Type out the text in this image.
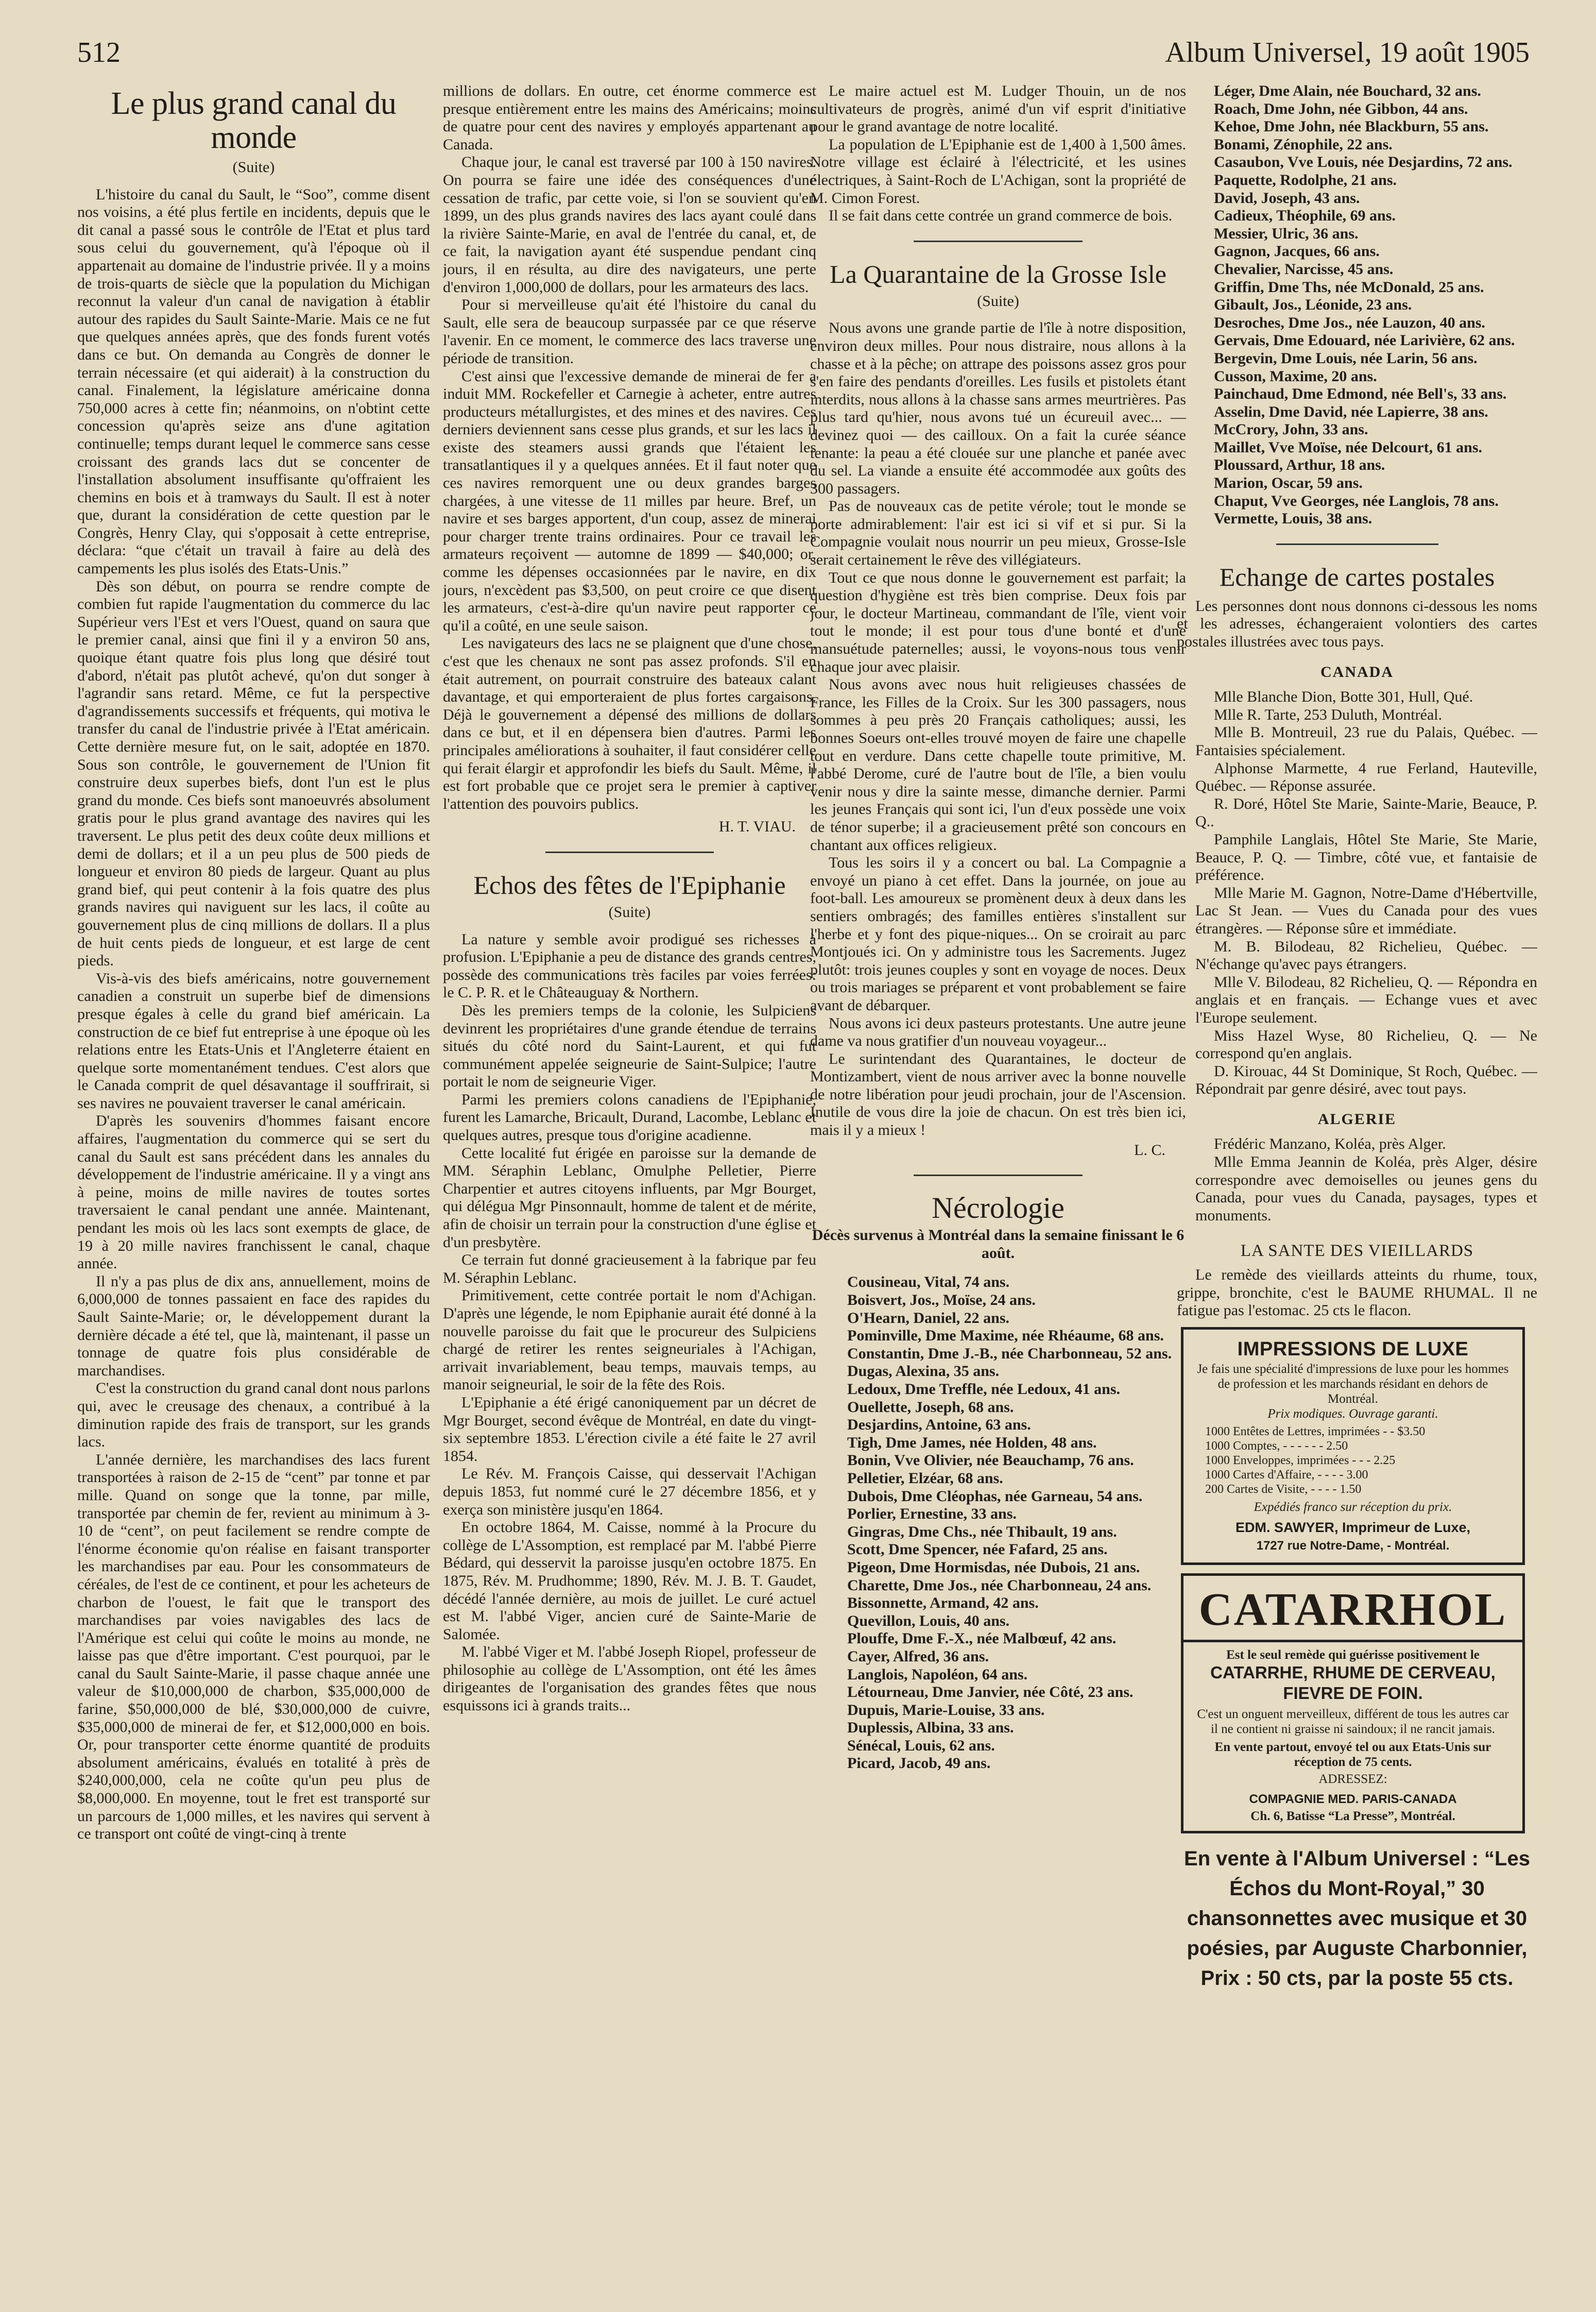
512	Album Universel, 19 août 1905
Le plus grand canal du monde
(Suite)

L'histoire du canal du Sault, le “Soo”, comme disent nos voisins, a été plus fertile en incidents, depuis que le dit canal a passé sous le contrôle de l'Etat et plus tard sous celui du gouvernement, qu'à l'époque où il appartenait au domaine de l'industrie privée. Il y a moins de trois-quarts de siècle que la population du Michigan reconnut la valeur d'un canal de navigation à établir autour des rapides du Sault Sainte-Marie. Mais ce ne fut que quelques années après, que des fonds furent votés dans ce but. On demanda au Congrès de donner le terrain nécessaire (et qui aiderait) à la construction du canal. Finalement, la législature américaine donna 750,000 acres à cette fin; néanmoins, on n'obtint cette concession qu'après seize ans d'une agitation continuelle; temps durant lequel le commerce sans cesse croissant des grands lacs dut se concenter de l'installation absolument insuffisante qu'offraient les chemins en bois et à tramways du Sault. Il est à noter que, durant la considération de cette question par le Congrès, Henry Clay, qui s'opposait à cette entreprise, déclara: “que c'était un travail à faire au delà des campements les plus isolés des Etats-Unis.”

Dès son début, on pourra se rendre compte de combien fut rapide l'augmentation du commerce du lac Supérieur vers l'Est et vers l'Ouest, quand on saura que le premier canal, ainsi que fini il y a environ 50 ans, quoique étant quatre fois plus long que désiré tout d'abord, n'était pas plutôt achevé, qu'on dut songer à l'agrandir sans retard. Même, ce fut la perspective d'agrandissements successifs et fréquents, qui motiva le transfer du canal de l'industrie privée à l'Etat américain. Cette dernière mesure fut, on le sait, adoptée en 1870. Sous son contrôle, le gouvernement de l'Union fit construire deux superbes biefs, dont l'un est le plus grand du monde. Ces biefs sont manoeuvrés absolument gratis pour le plus grand avantage des navires qui les traversent. Le plus petit des deux coûte deux millions et demi de dollars; et il a un peu plus de 500 pieds de longueur et environ 80 pieds de largeur. Quant au plus grand bief, qui peut contenir à la fois quatre des plus grands navires qui naviguent sur les lacs, il coûte au gouvernement plus de cinq millions de dollars. Il a plus de huit cents pieds de longueur, et est large de cent pieds.

Vis-à-vis des biefs américains, notre gouvernement canadien a construit un superbe bief de dimensions presque égales à celle du grand bief américain. La construction de ce bief fut entreprise à une époque où les relations entre les Etats-Unis et l'Angleterre étaient en quelque sorte momentanément tendues. C'est alors que le Canada comprit de quel désavantage il souffrirait, si ses navires ne pouvaient traverser le canal américain.

D'après les souvenirs d'hommes faisant encore affaires, l'augmentation du commerce qui se sert du canal du Sault est sans précédent dans les annales du développement de l'industrie américaine. Il y a vingt ans à peine, moins de mille navires de toutes sortes traversaient le canal pendant une année. Maintenant, pendant les mois où les lacs sont exempts de glace, de 19 à 20 mille navires franchissent le canal, chaque année.

Il n'y a pas plus de dix ans, annuellement, moins de 6,000,000 de tonnes passaient en face des rapides du Sault Sainte-Marie; or, le développement durant la dernière décade a été tel, que là, maintenant, il passe un tonnage de quatre fois plus considérable de marchandises.

C'est la construction du grand canal dont nous parlons qui, avec le creusage des chenaux, a contribué à la diminution rapide des frais de transport, sur les grands lacs.

L'année dernière, les marchandises des lacs furent transportées à raison de 2-15 de “cent” par tonne et par mille. Quand on songe que la tonne, par mille, transportée par chemin de fer, revient au minimum à 3-10 de “cent”, on peut facilement se rendre compte de l'énorme économie qu'on réalise en faisant transporter les marchandises par eau. Pour les consommateurs de céréales, de l'est de ce continent, et pour les acheteurs de charbon de l'ouest, le fait que le transport des marchandises par voies navigables des lacs de l'Amérique est celui qui coûte le moins au monde, ne laisse pas que d'être important. C'est pourquoi, par le canal du Sault Sainte-Marie, il passe chaque année une valeur de $10,000,000 de charbon, $35,000,000 de farine, $50,000,000 de blé, $30,000,000 de cuivre, $35,000,000 de minerai de fer, et $12,000,000 en bois. Or, pour transporter cette énorme quantité de produits absolument américains, évalués en totalité à près de $240,000,000, cela ne coûte qu'un peu plus de $8,000,000. En moyenne, tout le fret est transporté sur un parcours de 1,000 milles, et les navires qui servent à ce transport ont coûté de vingt-cinq à trente

millions de dollars. En outre, cet énorme commerce est presque entièrement entre les mains des Américains; moins de quatre pour cent des navires y employés appartenant au Canada.

Chaque jour, le canal est traversé par 100 à 150 navires. On pourra se faire une idée des conséquences d'une cessation de trafic, par cette voie, si l'on se souvient qu'en 1899, un des plus grands navires des lacs ayant coulé dans la rivière Sainte-Marie, en aval de l'entrée du canal, et, de ce fait, la navigation ayant été suspendue pendant cinq jours, il en résulta, au dire des navigateurs, une perte d'environ 1,000,000 de dollars, pour les armateurs des lacs.

Pour si merveilleuse qu'ait été l'histoire du canal du Sault, elle sera de beaucoup surpassée par ce que réserve l'avenir. En ce moment, le commerce des lacs traverse une période de transition.

C'est ainsi que l'excessive demande de minerai de fer a induit MM. Rockefeller et Carnegie à acheter, entre autres producteurs métallurgistes, et des mines et des navires. Ces derniers deviennent sans cesse plus grands, et sur les lacs il existe des steamers aussi grands que l'étaient les transatlantiques il y a quelques années. Et il faut noter que ces navires remorquent une ou deux grandes barges chargées, à une vitesse de 11 milles par heure. Bref, un navire et ses barges apportent, d'un coup, assez de minerai pour charger trente trains ordinaires. Pour ce travail les armateurs reçoivent — automne de 1899 — $40,000; or, comme les dépenses occasionnées par le navire, en dix jours, n'excèdent pas $3,500, on peut croire ce que disent les armateurs, c'est-à-dire qu'un navire peut rapporter ce qu'il a coûté, en une seule saison.

Les navigateurs des lacs ne se plaignent que d'une chose, c'est que les chenaux ne sont pas assez profonds. S'il en était autrement, on pourrait construire des bateaux calant davantage, et qui emporteraient de plus fortes cargaisons. Déjà le gouvernement a dépensé des millions de dollars dans ce but, et il en dépensera bien d'autres. Parmi les principales améliorations à souhaiter, il faut considérer celle qui ferait élargir et approfondir les biefs du Sault. Même, il est fort probable que ce projet sera le premier à captiver l'attention des pouvoirs publics.

H. T. VIAU.
Echos des fêtes de l'Epiphanie
(Suite)

La nature y semble avoir prodigué ses richesses à profusion. L'Epiphanie a peu de distance des grands centres, possède des communications très faciles par voies ferrées: le C. P. R. et le Châteauguay & Northern.

Dès les premiers temps de la colonie, les Sulpiciens devinrent les propriétaires d'une grande étendue de terrains situés du côté nord du Saint-Laurent, et qui fut communément appelée seigneurie de Saint-Sulpice; l'autre portait le nom de seigneurie Viger.

Parmi les premiers colons canadiens de l'Epiphanie, furent les Lamarche, Bricault, Durand, Lacombe, Leblanc et quelques autres, presque tous d'origine acadienne.

Cette localité fut érigée en paroisse sur la demande de MM. Séraphin Leblanc, Omulphe Pelletier, Pierre Charpentier et autres citoyens influents, par Mgr Bourget, qui délégua Mgr Pinsonnault, homme de talent et de mérite, afin de choisir un terrain pour la construction d'une église et d'un presbytère.

Ce terrain fut donné gracieusement à la fabrique par feu M. Séraphin Leblanc.

Primitivement, cette contrée portait le nom d'Achigan. D'après une légende, le nom Epiphanie aurait été donné à la nouvelle paroisse du fait que le procureur des Sulpiciens chargé de retirer les rentes seigneuriales à l'Achigan, arrivait invariablement, beau temps, mauvais temps, au manoir seigneurial, le soir de la fête des Rois.

L'Epiphanie a été érigé canoniquement par un décret de Mgr Bourget, second évêque de Montréal, en date du vingt-six septembre 1853. L'érection civile a été faite le 27 avril 1854.

Le Rév. M. François Caisse, qui desservait l'Achigan depuis 1853, fut nommé curé le 27 décembre 1856, et y exerça son ministère jusqu'en 1864.

En octobre 1864, M. Caisse, nommé à la Procure du collège de L'Assomption, est remplacé par M. l'abbé Pierre Bédard, qui desservit la paroisse jusqu'en octobre 1875. En 1875, Rév. M. Prudhomme; 1890, Rév. M. J. B. T. Gaudet, décédé l'année dernière, au mois de juillet. Le curé actuel est M. l'abbé Viger, ancien curé de Sainte-Marie de Salomée.

M. l'abbé Viger et M. l'abbé Joseph Riopel, professeur de philosophie au collège de L'Assomption, ont été les âmes dirigeantes de l'organisation des grandes fêtes que nous esquissons ici à grands traits...

Le maire actuel est M. Ludger Thouin, un de nos cultivateurs de progrès, animé d'un vif esprit d'initiative pour le grand avantage de notre localité.

La population de L'Epiphanie est de 1,400 à 1,500 âmes. Notre village est éclairé à l'électricité, et les usines électriques, à Saint-Roch de L'Achigan, sont la propriété de M. Cimon Forest.

Il se fait dans cette contrée un grand commerce de bois.

La Quarantaine de la Grosse Isle
(Suite)

Nous avons une grande partie de l'île à notre disposition, environ deux milles. Pour nous distraire, nous allons à la chasse et à la pêche; on attrape des poissons assez gros pour s'en faire des pendants d'oreilles. Les fusils et pistolets étant interdits, nous allons à la chasse sans armes meurtrières. Pas plus tard qu'hier, nous avons tué un écureuil avec... — devinez quoi — des cailloux. On a fait la curée séance tenante: la peau a été clouée sur une planche et panée avec du sel. La viande a ensuite été accommodée aux goûts des 300 passagers.

Pas de nouveaux cas de petite vérole; tout le monde se porte admirablement: l'air est ici si vif et si pur. Si la Compagnie voulait nous nourrir un peu mieux, Grosse-Isle serait certainement le rêve des villégiateurs.

Tout ce que nous donne le gouvernement est parfait; la question d'hygiène est très bien comprise. Deux fois par jour, le docteur Martineau, commandant de l'île, vient voir tout le monde; il est pour tous d'une bonté et d'une mansuétude paternelles; aussi, le voyons-nous tous venir chaque jour avec plaisir.

Nous avons avec nous huit religieuses chassées de France, les Filles de la Croix. Sur les 300 passagers, nous sommes à peu près 20 Français catholiques; aussi, les bonnes Soeurs ont-elles trouvé moyen de faire une chapelle tout en verdure. Dans cette chapelle toute primitive, M. l'abbé Derome, curé de l'autre bout de l'île, a bien voulu venir nous y dire la sainte messe, dimanche dernier. Parmi les jeunes Français qui sont ici, l'un d'eux possède une voix de ténor superbe; il a gracieusement prêté son concours en chantant aux offices religieux.

Tous les soirs il y a concert ou bal. La Compagnie a envoyé un piano à cet effet. Dans la journée, on joue au foot-ball. Les amoureux se promènent deux à deux dans les sentiers ombragés; des familles entières s'installent sur l'herbe et y font des pique-niques... On se croirait au parc Montjoués ici. On y administre tous les Sacrements. Jugez plutôt: trois jeunes couples y sont en voyage de noces. Deux ou trois mariages se préparent et vont probablement se faire avant de débarquer.

Nous avons ici deux pasteurs protestants. Une autre jeune dame va nous gratifier d'un nouveau voyageur...

Le surintendant des Quarantaines, le docteur de Montizambert, vient de nous arriver avec la bonne nouvelle de notre libération pour jeudi prochain, jour de l'Ascension. Inutile de vous dire la joie de chacun. On est très bien ici, mais il y a mieux !

L. C.
Nécrologie
Décès survenus à Montréal dans la semaine finissant le 6 août.

Cousineau, Vital, 74 ans.

Boisvert, Jos., Moïse, 24 ans.

O'Hearn, Daniel, 22 ans.

Pominville, Dme Maxime, née Rhéaume, 68 ans.

Constantin, Dme J.-B., née Charbonneau, 52 ans.

Dugas, Alexina, 35 ans.

Ledoux, Dme Treffle, née Ledoux, 41 ans.

Ouellette, Joseph, 68 ans.

Desjardins, Antoine, 63 ans.

Tigh, Dme James, née Holden, 48 ans.

Bonin, Vve Olivier, née Beauchamp, 76 ans.

Pelletier, Elzéar, 68 ans.

Dubois, Dme Cléophas, née Garneau, 54 ans.

Porlier, Ernestine, 33 ans.

Gingras, Dme Chs., née Thibault, 19 ans.

Scott, Dme Spencer, née Fafard, 25 ans.

Pigeon, Dme Hormisdas, née Dubois, 21 ans.

Charette, Dme Jos., née Charbonneau, 24 ans.

Bissonnette, Armand, 42 ans.

Quevillon, Louis, 40 ans.

Plouffe, Dme F.-X., née Malbœuf, 42 ans.

Cayer, Alfred, 36 ans.

Langlois, Napoléon, 64 ans.

Létourneau, Dme Janvier, née Côté, 23 ans.

Dupuis, Marie-Louise, 33 ans.

Duplessis, Albina, 33 ans.

Sénécal, Louis, 62 ans.

Picard, Jacob, 49 ans.

Léger, Dme Alain, née Bouchard, 32 ans.

Roach, Dme John, née Gibbon, 44 ans.

Kehoe, Dme John, née Blackburn, 55 ans.

Bonami, Zénophile, 22 ans.

Casaubon, Vve Louis, née Desjardins, 72 ans.

Paquette, Rodolphe, 21 ans.

David, Joseph, 43 ans.

Cadieux, Théophile, 69 ans.

Messier, Ulric, 36 ans.

Gagnon, Jacques, 66 ans.

Chevalier, Narcisse, 45 ans.

Griffin, Dme Ths, née McDonald, 25 ans.

Gibault, Jos., Léonide, 23 ans.

Desroches, Dme Jos., née Lauzon, 40 ans.

Gervais, Dme Edouard, née Larivière, 62 ans.

Bergevin, Dme Louis, née Larin, 56 ans.

Cusson, Maxime, 20 ans.

Painchaud, Dme Edmond, née Bell's, 33 ans.

Asselin, Dme David, née Lapierre, 38 ans.

McCrory, John, 33 ans.

Maillet, Vve Moïse, née Delcourt, 61 ans.

Ploussard, Arthur, 18 ans.

Marion, Oscar, 59 ans.

Chaput, Vve Georges, née Langlois, 78 ans.

Vermette, Louis, 38 ans.

Echange de cartes postales

Les personnes dont nous donnons ci-dessous les noms et les adresses, échangeraient volontiers des cartes postales illustrées avec tous pays.

CANADA

Mlle Blanche Dion, Botte 301, Hull, Qué.

Mlle R. Tarte, 253 Duluth, Montréal.

Mlle B. Montreuil, 23 rue du Palais, Québec. — Fantaisies spécialement.

Alphonse Marmette, 4 rue Ferland, Hauteville, Québec. — Réponse assurée.

R. Doré, Hôtel Ste Marie, Sainte-Marie, Beauce, P. Q..

Pamphile Langlais, Hôtel Ste Marie, Ste Marie, Beauce, P. Q. — Timbre, côté vue, et fantaisie de préférence.

Mlle Marie M. Gagnon, Notre-Dame d'Hébertville, Lac St Jean. — Vues du Canada pour des vues étrangères. — Réponse sûre et immédiate.

M. B. Bilodeau, 82 Richelieu, Québec. — N'échange qu'avec pays étrangers.

Mlle V. Bilodeau, 82 Richelieu, Q. — Répondra en anglais et en français. — Echange vues et avec l'Europe seulement.

Miss Hazel Wyse, 80 Richelieu, Q. — Ne correspond qu'en anglais.

D. Kirouac, 44 St Dominique, St Roch, Québec. — Répondrait par genre désiré, avec tout pays.

ALGERIE

Frédéric Manzano, Koléa, près Alger.

Mlle Emma Jeannin de Koléa, près Alger, désire correspondre avec demoiselles ou jeunes gens du Canada, pour vues du Canada, paysages, types et monuments.

LA SANTE DES VIEILLARDS

Le remède des vieillards atteints du rhume, toux, grippe, bronchite, c'est le BAUME RHUMAL. Il ne fatigue pas l'estomac. 25 cts le flacon.

IMPRESSIONS DE LUXE
Je fais une spécialité d'impressions de luxe pour les hommes de profession et les marchands résidant en dehors de Montréal.
Prix modiques. Ouvrage garanti.
1000 Entêtes de Lettres, imprimées - - $3.50
1000 Comptes, - - - - - - 2.50
1000 Enveloppes, imprimées - - - 2.25
1000 Cartes d'Affaire, - - - - 3.00
200 Cartes de Visite, - - - - 1.50
Expédiés franco sur réception du prix.
EDM. SAWYER, Imprimeur de Luxe,
1727 rue Notre-Dame, - Montréal.
CATARRHOL
Est le seul remède qui guérisse positivement le
CATARRHE, RHUME DE CERVEAU, FIEVRE DE FOIN.
C'est un onguent merveilleux, différent de tous les autres car il ne contient ni graisse ni saindoux; il ne rancit jamais.
En vente partout, envoyé tel ou aux Etats-Unis sur réception de 75 cents.
ADRESSEZ:
COMPAGNIE MED. PARIS-CANADA
Ch. 6, Batisse “La Presse”, Montréal.
En vente à l'Album Universel : “Les Échos du Mont-Royal,” 30 chansonnettes avec musique et 30 poésies, par Auguste Charbonnier, Prix : 50 cts, par la poste 55 cts.
